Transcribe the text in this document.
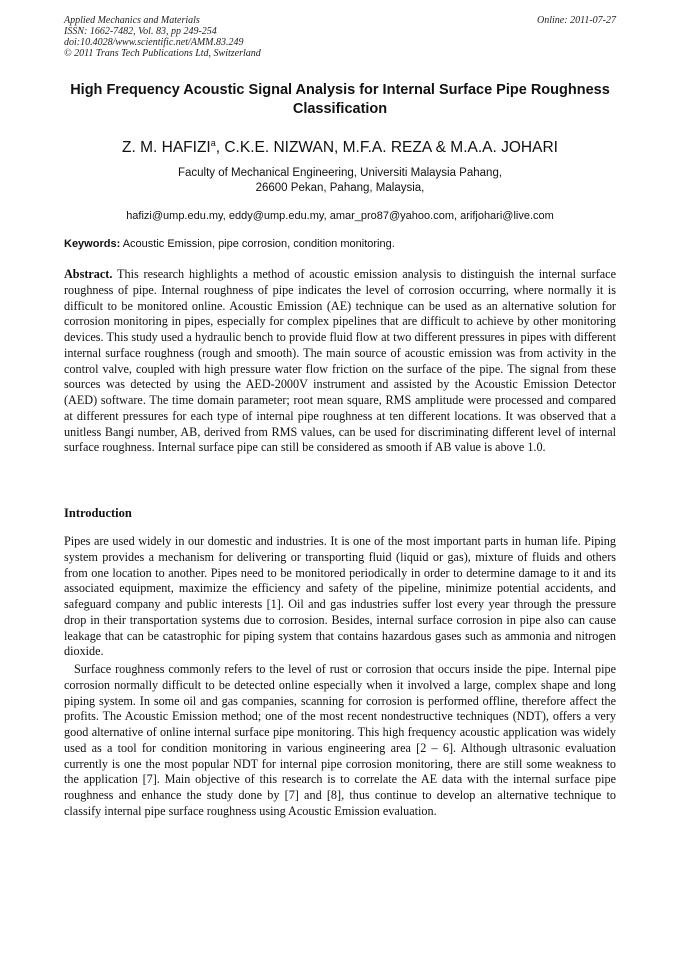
Applied Mechanics and Materials
ISSN: 1662-7482, Vol. 83, pp 249-254
doi:10.4028/www.scientific.net/AMM.83.249
© 2011 Trans Tech Publications Ltd, Switzerland
Online: 2011-07-27
High Frequency Acoustic Signal Analysis for Internal Surface Pipe Roughness Classification
Z. M. HAFIZI$^a$, C.K.E. NIZWAN, M.F.A. REZA & M.A.A. JOHARI
Faculty of Mechanical Engineering, Universiti Malaysia Pahang,
26600 Pekan, Pahang, Malaysia,
hafizi@ump.edu.my, eddy@ump.edu.my, amar_pro87@yahoo.com, arifjohari@live.com
Keywords: Acoustic Emission, pipe corrosion, condition monitoring.

Abstract. This research highlights a method of acoustic emission analysis to distinguish the internal surface roughness of pipe. Internal roughness of pipe indicates the level of corrosion occurring, where normally it is difficult to be monitored online. Acoustic Emission (AE) technique can be used as an alternative solution for corrosion monitoring in pipes, especially for complex pipelines that are difficult to achieve by other monitoring devices. This study used a hydraulic bench to provide fluid flow at two different pressures in pipes with different internal surface roughness (rough and smooth). The main source of acoustic emission was from activity in the control valve, coupled with high pressure water flow friction on the surface of the pipe. The signal from these sources was detected by using the AED-2000V instrument and assisted by the Acoustic Emission Detector (AED) software. The time domain parameter; root mean square, RMS amplitude were processed and compared at different pressures for each type of internal pipe roughness at ten different locations. It was observed that a unitless Bangi number, AB, derived from RMS values, can be used for discriminating different level of internal surface roughness. Internal surface pipe can still be considered as smooth if AB value is above 1.0.

Introduction

Pipes are used widely in our domestic and industries. It is one of the most important parts in human life. Piping system provides a mechanism for delivering or transporting fluid (liquid or gas), mixture of fluids and others from one location to another. Pipes need to be monitored periodically in order to determine damage to it and its associated equipment, maximize the efficiency and safety of the pipeline, minimize potential accidents, and safeguard company and public interests [1]. Oil and gas industries suffer lost every year through the pressure drop in their transportation systems due to corrosion. Besides, internal surface corrosion in pipe also can cause leakage that can be catastrophic for piping system that contains hazardous gases such as ammonia and nitrogen dioxide.

Surface roughness commonly refers to the level of rust or corrosion that occurs inside the pipe. Internal pipe corrosion normally difficult to be detected online especially when it involved a large, complex shape and long piping system. In some oil and gas companies, scanning for corrosion is performed offline, therefore affect the profits. The Acoustic Emission method; one of the most recent nondestructive techniques (NDT), offers a very good alternative of online internal surface pipe monitoring. This high frequency acoustic application was widely used as a tool for condition monitoring in various engineering area [2 – 6]. Although ultrasonic evaluation currently is one the most popular NDT for internal pipe corrosion monitoring, there are still some weakness to the application [7]. Main objective of this research is to correlate the AE data with the internal surface pipe roughness and enhance the study done by [7] and [8], thus continue to develop an alternative technique to classify internal pipe surface roughness using Acoustic Emission evaluation.
